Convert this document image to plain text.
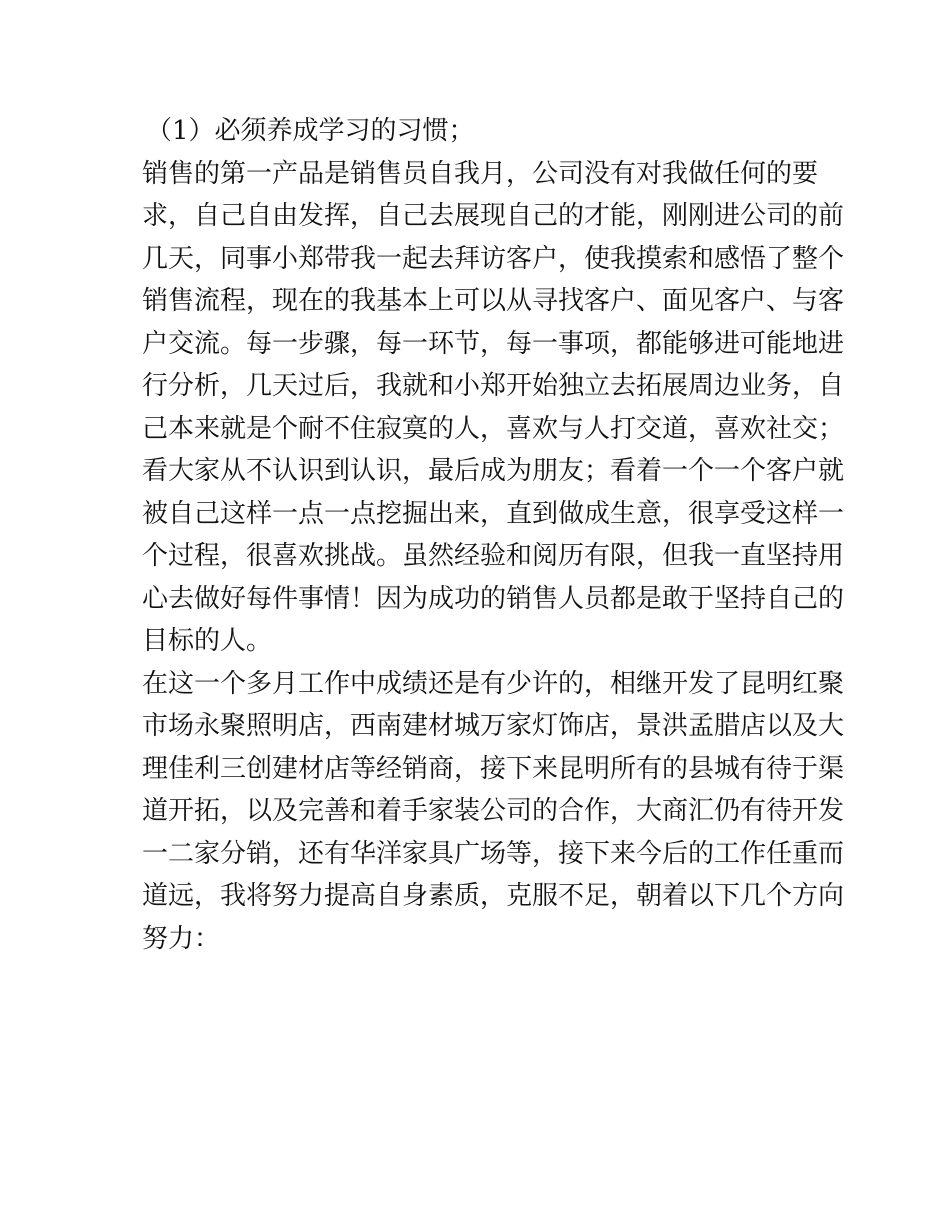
（1）必须养成学习的习惯；
销售的第一产品是销售员自我月，公司没有对我做任何的要
求，自己自由发挥，自己去展现自己的才能，刚刚进公司的前
几天，同事小郑带我一起去拜访客户，使我摸索和感悟了整个
销售流程，现在的我基本上可以从寻找客户、面见客户、与客
户交流。每一步骤，每一环节，每一事项，都能够进可能地进
行分析，几天过后，我就和小郑开始独立去拓展周边业务，自
己本来就是个耐不住寂寞的人，喜欢与人打交道，喜欢社交；
看大家从不认识到认识，最后成为朋友；看着一个一个客户就
被自己这样一点一点挖掘出来，直到做成生意，很享受这样一
个过程，很喜欢挑战。虽然经验和阅历有限，但我一直坚持用
心去做好每件事情！因为成功的销售人员都是敢于坚持自己的
目标的人。
在这一个多月工作中成绩还是有少许的，相继开发了昆明红聚
市场永聚照明店，西南建材城万家灯饰店，景洪孟腊店以及大
理佳利三创建材店等经销商，接下来昆明所有的县城有待于渠
道开拓，以及完善和着手家装公司的合作，大商汇仍有待开发
一二家分销，还有华洋家具广场等，接下来今后的工作任重而
道远，我将努力提高自身素质，克服不足，朝着以下几个方向
努力：
